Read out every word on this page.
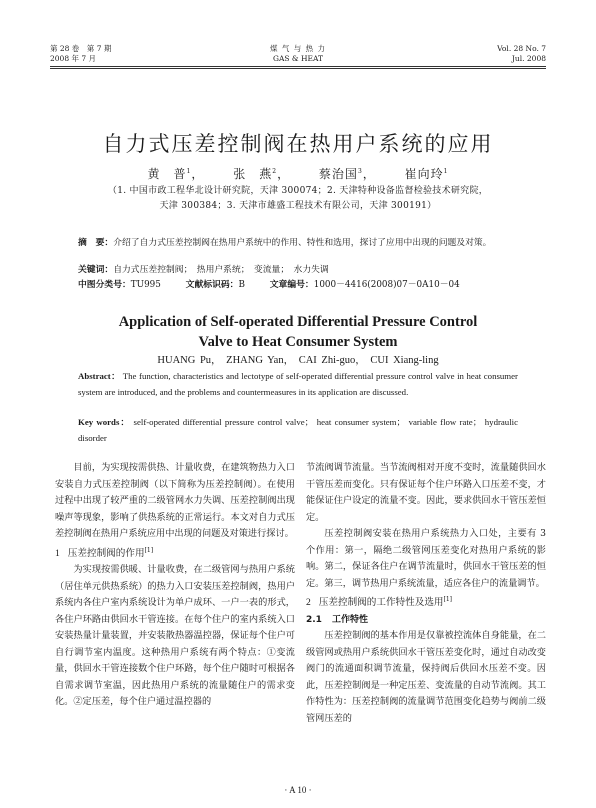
第 28 卷　第 7 期
2008 年 7 月
煤 气 与 热 力
GAS & HEAT
Vol. 28 No. 7
Jul. 2008
自力式压差控制阀在热用户系统的应用
黄　普$^1$， 张　燕$^2$， 蔡治国$^3$， 崔向玲$^1$
（1. 中国市政工程华北设计研究院，天津 300074；2. 天津特种设备监督检验技术研究院，
天津 300384；3. 天津市雄盛工程技术有限公司，天津 300191）
摘　要：介绍了自力式压差控制阀在热用户系统中的作用、特性和选用，探讨了应用中出现的问题及对策。
关键词：自力式压差控制阀；　热用户系统；　变流量；　水力失调
中图分类号：TU995	文献标识码：B	文章编号：1000－4416(2008)07－0A10－04
Application of Self-operated Differential Pressure Control
Valve to Heat Consumer System
HUANG Pu， ZHANG Yan， CAI Zhi-guo， CUI Xiang-ling
Abstract： The function, characteristics and lectotype of self-operated differential pressure control valve in heat consumer system are introduced, and the problems and countermeasures in its application are discussed.
Key words： self-operated differential pressure control valve； heat consumer system； variable flow rate； hydraulic disorder

目前，为实现按需供热、计量收费，在建筑物热力入口安装自力式压差控制阀（以下简称为压差控制阀）。在使用过程中出现了较严重的二级管网水力失调、压差控制阀出现噪声等现象，影响了供热系统的正常运行。本文对自力式压差控制阀在热用户系统应用中出现的问题及对策进行探讨。

1 压差控制阀的作用[1]

为实现按需供暖、计量收费，在二级管网与热用户系统（居住单元供热系统）的热力入口安装压差控制阀，热用户系统内各住户室内系统设计为单户成环、一户一表的形式，各住户环路由供回水干管连接。在每个住户的室内系统入口安装热量计量装置，并安装散热器温控器，保证每个住户可自行调节室内温度。这种热用户系统有两个特点：①变流量，供回水干管连接数个住户环路，每个住户随时可根据各自需求调节室温，因此热用户系统的流量随住户的需求变化。②定压差，每个住户通过温控器的

节流阀调节流量。当节流阀相对开度不变时，流量随供回水干管压差而变化。只有保证每个住户环路入口压差不变，才能保证住户设定的流量不变。因此，要求供回水干管压差恒定。

压差控制阀安装在热用户系统热力入口处，主要有 3 个作用：第一，隔绝二级管网压差变化对热用户系统的影响。第二，保证各住户在调节流量时，供回水干管压差的恒定。第三，调节热用户系统流量，适应各住户的流量调节。

2 压差控制阀的工作特性及选用[1]
2.1 工作特性

压差控制阀的基本作用是仅靠被控流体自身能量，在二级管网或热用户系统供回水干管压差变化时，通过自动改变阀门的流通面积调节流量，保持阀后供回水压差不变。因此，压差控制阀是一种定压差、变流量的自动节流阀。其工作特性为：压差控制阀的流量调节范围变化趋势与阀前二级管网压差的

· A 10 ·
